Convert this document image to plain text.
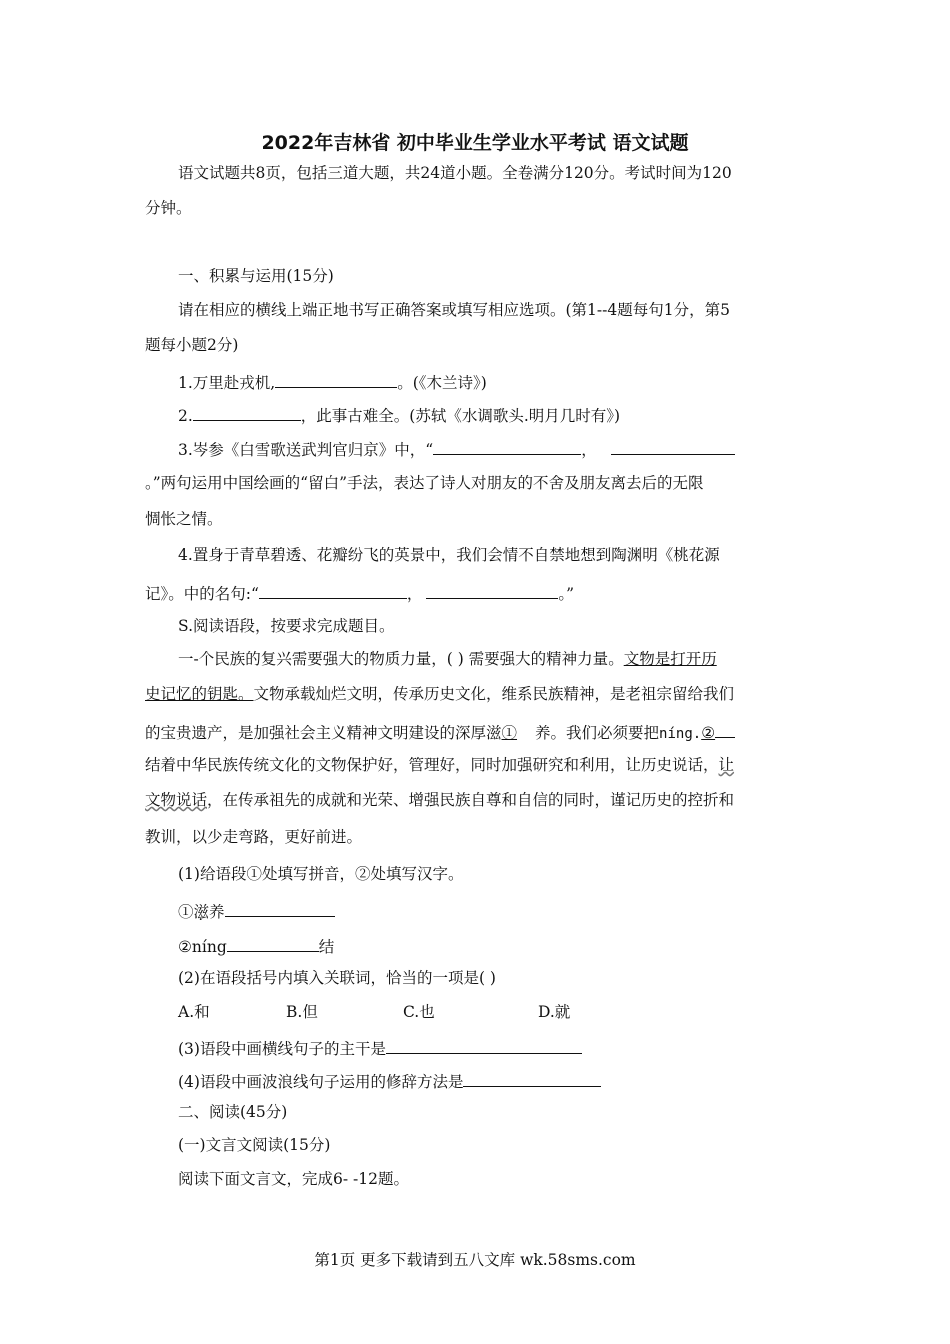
2022年吉林省 初中毕业生学业水平考试 语文试题
语文试题共8页，包括三道大题，共24道小题。全卷满分120分。考试时间为120
分钟。
一、积累与运用(15分)
请在相应的横线上端正地书写正确答案或填写相应选项。(第1--4题每句1分，第5
题每小题2分)
1.万里赴戎机,	。(《木兰诗》)
2.	，此事古难全。(苏轼《水调歌头.明月几时有》)
3.岑参《白雪歌送武判官归京》中，“	，
。”两句运用中国绘画的“留白”手法，表达了诗人对朋友的不舍及朋友离去后的无限
惆怅之情。
4.置身于青草碧透、花瓣纷飞的英景中，我们会情不自禁地想到陶渊明《桃花源
记》。中的名句:“	，	。”
S.阅读语段，按要求完成题目。
一-个民族的复兴需要强大的物质力量，( ) 需要强大的精神力量。文物是打开历
史记忆的钥匙。文物承载灿烂文明，传承历史文化，维系民族精神，是老祖宗留给我们
的宝贵遗产，是加强社会主义精神文明建设的深厚滋① 养。我们必须要把níng.②
结着中华民族传统文化的文物保护好，管理好，同时加强研究和利用，让历史说话，让
文物说话，在传承祖先的成就和光荣、增强民族自尊和自信的同时，谨记历史的控折和
教训，以少走弯路，更好前进。
(1)给语段①处填写拼音，②处填写汉字。
①滋养
②níng	结
(2)在语段括号内填入关联词，恰当的一项是( )
A.和	B.但	C.也	D.就
(3)语段中画横线句子的主干是
(4)语段中画波浪线句子运用的修辞方法是
二、阅读(45分)
(一)文言文阅读(15分)
阅读下面文言文，完成6- -12题。
第1页 更多下载请到五八文库 wk.58sms.com
